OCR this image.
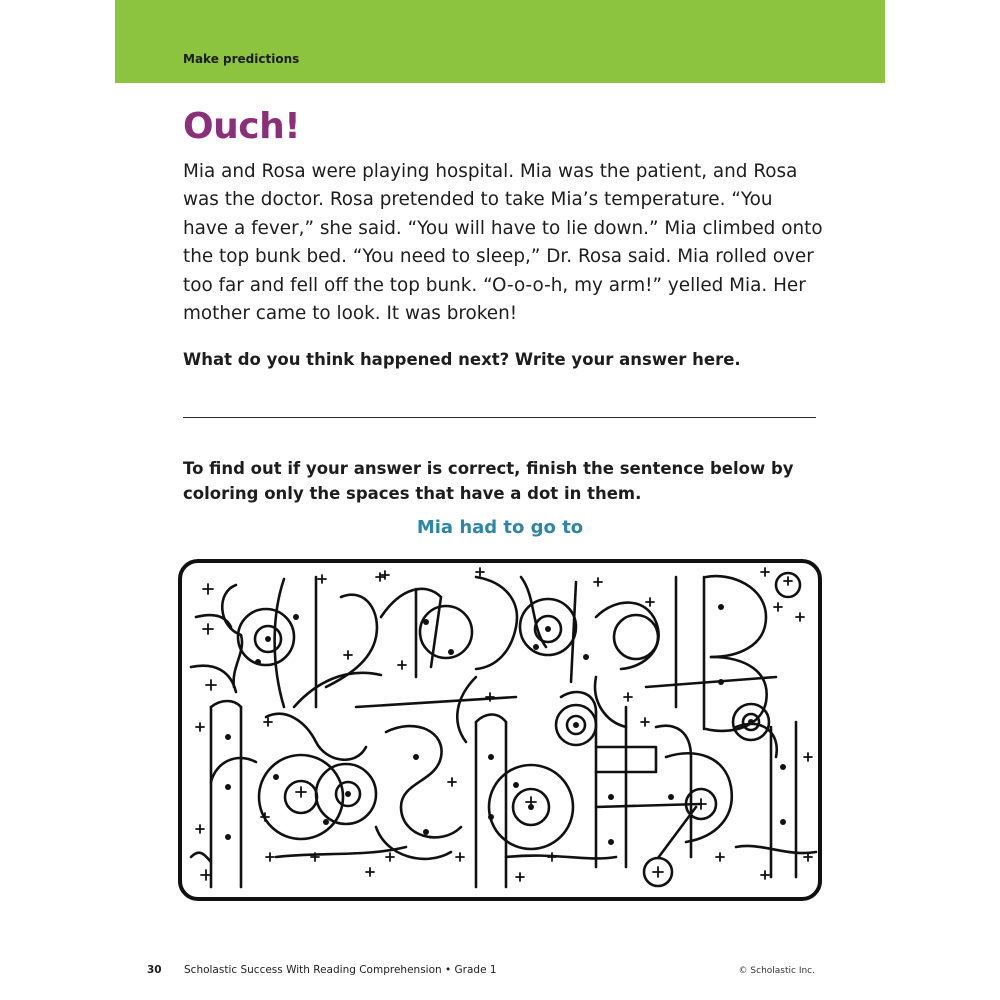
Make predictions
Ouch!

Mia and Rosa were playing hospital. Mia was the patient, and Rosa was the doctor. Rosa pretended to take Mia’s temperature. “You have a fever,” she said. “You will have to lie down.” Mia climbed onto the top bunk bed. “You need to sleep,” Dr. Rosa said. Mia rolled over too far and fell off the top bunk. “O-o-o-h, my arm!” yelled Mia. Her mother came to look. It was broken!

What do you think happened next? Write your answer here.

To find out if your answer is correct, finish the sentence below by coloring only the spaces that have a dot in them.

Mia had to go to
30 Scholastic Success With Reading Comprehension • Grade 1	© Scholastic Inc.
